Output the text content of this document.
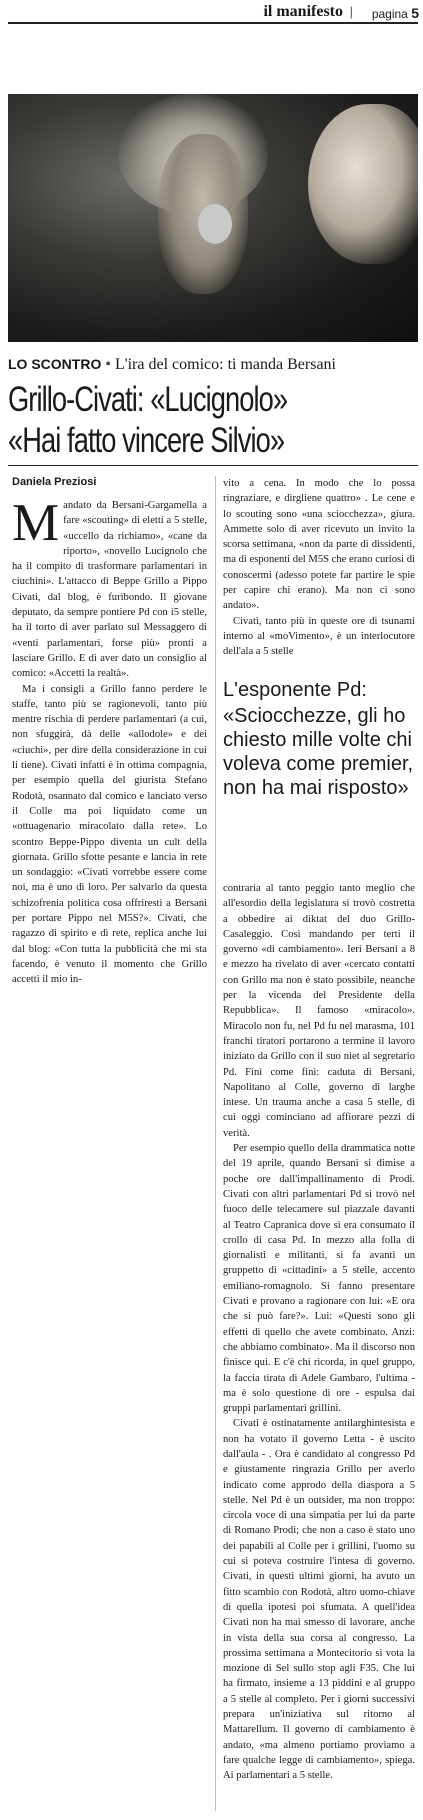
il manifesto | pagina 5
LO SCONTRO • L'ira del comico: ti manda Bersani
Grillo-Civati: «Lucignolo»
«Hai fatto vincere Silvio»
Daniela Preziosi

Mandato da Bersani-Gargamella a fare «scouting» di eletti a 5 stelle, «uccello da richiamo», «cane da riporto», «novello Lucignolo che ha il compito di trasformare parlamentari in ciuchini». L'attacco di Beppe Grillo a Pippo Civati, dal blog, è furibondo. Il giovane deputato, da sempre pontiere Pd con i5 stelle, ha il torto di aver parlato sul Messaggero di «venti parlamentari, forse più» pronti a lasciare Grillo. E di aver dato un consiglio al comico: «Accetti la realtà».

Ma i consigli a Grillo fanno perdere le staffe, tanto più se ragionevoli, tanto più mentre rischia di perdere parlamentari (a cui, non sfuggirà, dà delle «allodole» e dei «ciuchi», per dire della considerazione in cui li tiene). Civati infatti è in ottima compagnia, per esempio quella del giurista Stefano Rodotà, osannato dal comico e lanciato verso il Colle ma poi liquidato come un «ottuagenario miracolato dalla rete». Lo scontro Beppe-Pippo diventa un cult della giornata. Grillo sfotte pesante e lancia in rete un sondaggio: «Civati vorrebbe essere come noi, ma è uno di loro. Per salvarlo da questa schizofrenia politica cosa offriresti a Bersani per portare Pippo nel M5S?». Civati, che ragazzo di spirito e di rete, replica anche lui dal blog: «Con tutta la pubblicità che mi sta facendo, è venuto il momento che Grillo accetti il mio in-

vito a cena. In modo che lo possa ringraziare, e dirgliene quattro» . Le cene e lo scouting sono «una sciocchezza», giura. Ammette solo di aver ricevuto un invito la scorsa settimana, «non da parte di dissidenti, ma di esponenti del M5S che erano curiosi di conoscermi (adesso potete far partire le spie per capire chi erano). Ma non ci sono andato».

Civati, tanto più in queste ore di tsunami interno al «moVimento», è un interlocutore dell'ala a 5 stelle

L'esponente Pd:
«Sciocchezze, gli ho chiesto mille volte chi voleva come premier, non ha mai risposto»

contraria al tanto peggio tanto meglio che all'esordio della legislatura si trovò costretta a obbedire ai diktat del duo Grillo-Casaleggio. Così mandando per terti il governo «di cambiamento». Ieri Bersani a 8 e mezzo ha rivelato di aver «cercato contatti con Grillo ma non è stato possibile, neanche per la vicenda del Presidente della Repubblica». Il famoso «miracolo». Miracolo non fu, nel Pd fu nel marasma, 101 franchi tiratori portarono a termine il lavoro iniziato da Grillo con il suo niet al segretario Pd. Finì come finì: caduta di Bersani, Napolitano al Colle, governo di larghe intese. Un trauma anche a casa 5 stelle, di cui oggi cominciano ad affiorare pezzi di verità.

Per esempio quello della drammatica notte del 19 aprile, quando Bersani si dimise a poche ore dall'impallinamento di Prodi. Civati con altri parlamentari Pd si trovò nel fuoco delle telecamere sul piazzale davanti al Teatro Capranica dove si era consumato il crollo di casa Pd. In mezzo alla folla di giornalisti e militanti, si fa avanti un gruppetto di «cittadini» a 5 stelle, accento emiliano-romagnolo. Si fanno presentare Civati e provano a ragionare con lui: «E ora che si può fare?». Lui: «Questi sono gli effetti di quello che avete combinato. Anzi: che abbiamo combinato». Ma il discorso non finisce qui. E c'è chi ricorda, in quel gruppo, la faccia tirata di Adele Gambaro, l'ultima - ma è solo questione di ore - espulsa dai gruppi parlamentari grillini.

Civati è ostinatamente antilarghintesista e non ha votato il governo Letta - è uscito dall'aula - . Ora è candidato al congresso Pd e giustamente ringrazia Grillo per averlo indicato come approdo della diaspora a 5 stelle. Nel Pd è un outsider, ma non troppo: circola voce di una simpatia per lui da parte di Romano Prodi; che non a caso è stato uno dei papabili al Colle per i grillini, l'uomo su cui si poteva costruire l'intesa di governo. Civati, in questi ultimi giorni, ha avuto un fitto scambio con Rodotà, altro uomo-chiave di quella ipotesi poi sfumata. A quell'idea Civati non ha mai smesso di lavorare, anche in vista della sua corsa al congresso. La prossima settimana a Montecitorio si vota la mozione di Sel sullo stop agli F35. Che lui ha firmato, insieme a 13 piddini e al gruppo a 5 stelle al completo. Per i giorni successivi prepara un'iniziativa sul ritorno al Mattarellum. Il governo di cambiamento è andato, «ma almeno portiamo proviamo a fare qualche legge di cambiamento», spiega. Ai parlamentari a 5 stelle.
